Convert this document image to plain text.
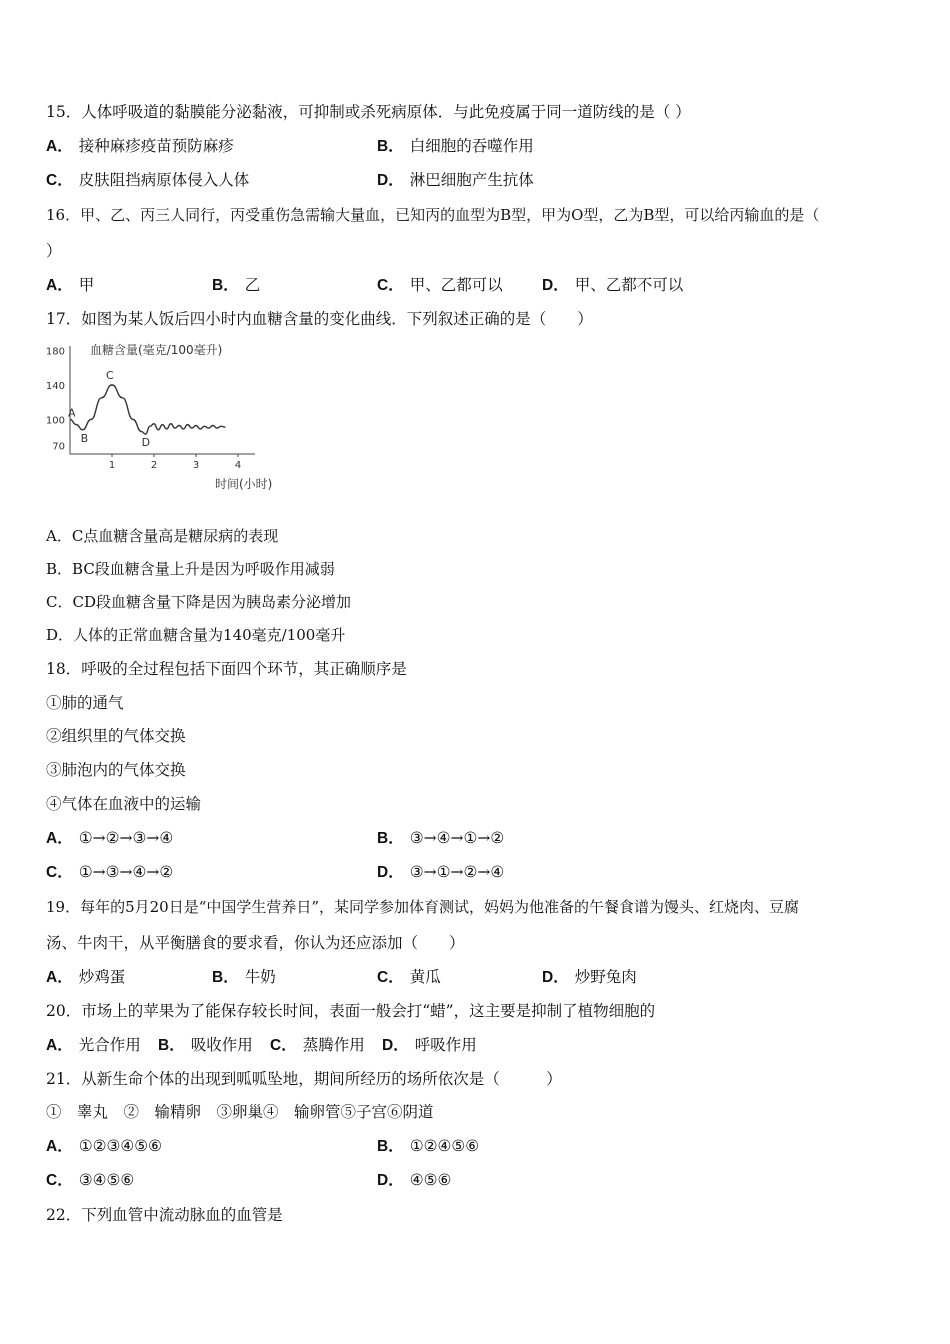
15．人体呼吸道的黏膜能分泌黏液，可抑制或杀死病原体．与此免疫属于同一道防线的是（ ）
A． 接种麻疹疫苗预防麻疹	B． 白细胞的吞噬作用
C． 皮肤阻挡病原体侵入人体	D． 淋巴细胞产生抗体
16．甲、乙、丙三人同行，丙受重伤急需输大量血，已知丙的血型为B型，甲为O型，乙为B型，可以给丙输血的是（
）
A． 甲	B． 乙	C． 甲、乙都可以	D． 甲、乙都不可以
17．如图为某人饭后四小时内血糖含量的变化曲线．下列叙述正确的是（　　）
血糖含量(毫克/100毫升)
180
140
100
70
1	2	3	4
A
B
C
D
时间(小时)
A．C点血糖含量高是糖尿病的表现
B．BC段血糖含量上升是因为呼吸作用减弱
C．CD段血糖含量下降是因为胰岛素分泌增加
D．人体的正常血糖含量为140毫克/100毫升
18．呼吸的全过程包括下面四个环节，其正确顺序是
①肺的通气
②组织里的气体交换
③肺泡内的气体交换
④气体在血液中的运输
A． ①→②→③→④	B． ③→④→①→②
C． ①→③→④→②	D． ③→①→②→④
19．每年的5月20日是“中国学生营养日”，某同学参加体育测试，妈妈为他准备的午餐食谱为馒头、红烧肉、豆腐
汤、牛肉干，从平衡膳食的要求看，你认为还应添加（　　）
A． 炒鸡蛋	B． 牛奶	C． 黄瓜	D． 炒野兔肉
20．市场上的苹果为了能保存较长时间，表面一般会打“蜡”，这主要是抑制了植物细胞的
A． 光合作用 B． 吸收作用 C． 蒸腾作用 D． 呼吸作用
21．从新生命个体的出现到呱呱坠地，期间所经历的场所依次是（　　　）
①　睾丸　②　输精卵　③卵巢④　输卵管⑤子宫⑥阴道
A． ①②③④⑤⑥	B． ①②④⑤⑥
C． ③④⑤⑥	D． ④⑤⑥
22．下列血管中流动脉血的血管是
